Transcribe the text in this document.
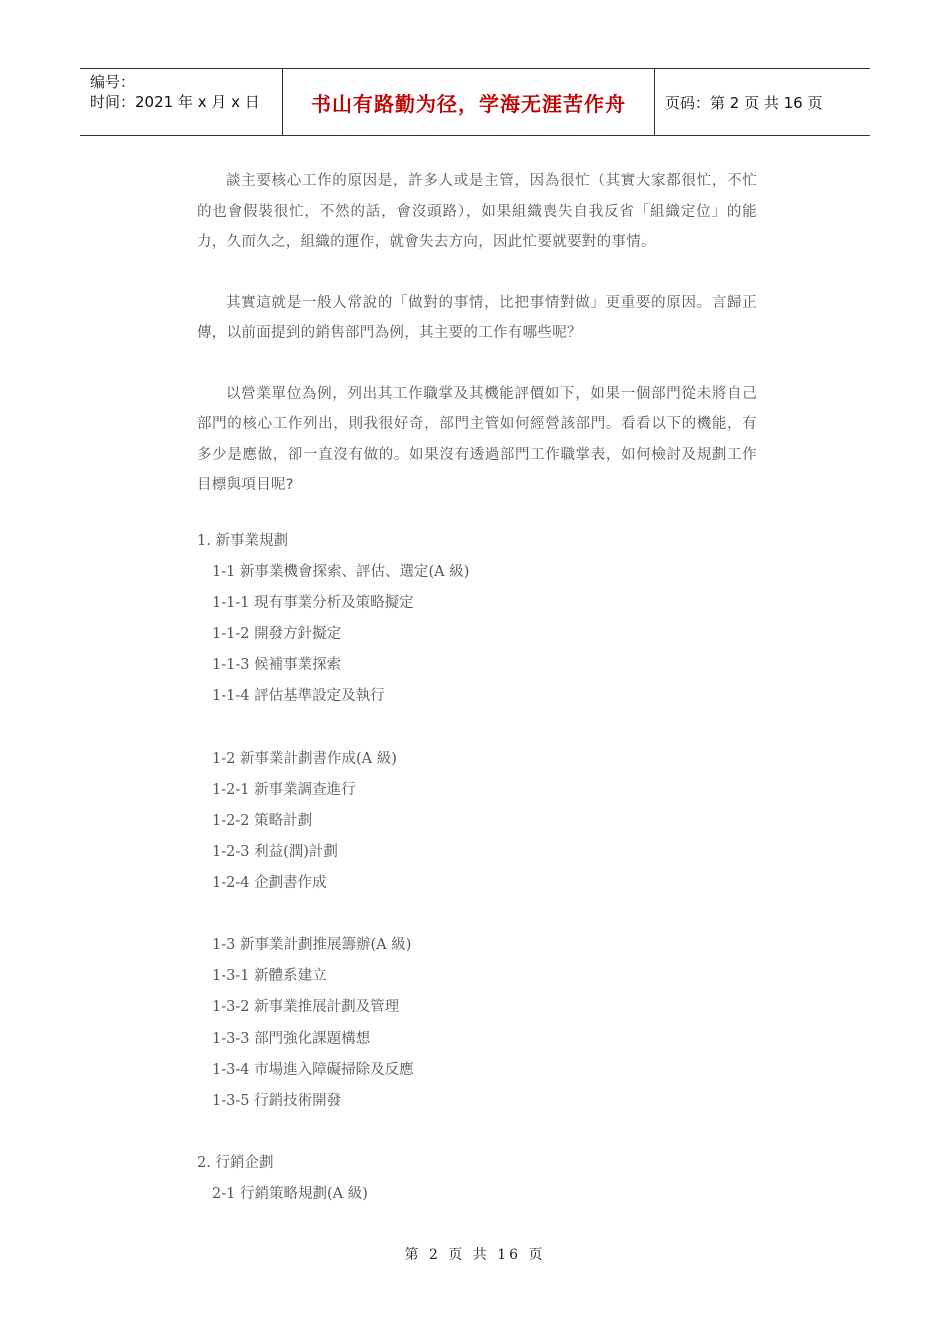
编号：
时间：2021 年 x 月 x 日	书山有路勤为径，学海无涯苦作舟	页码：第 2 页 共 16 页

談主要核心工作的原因是，許多人或是主管，因為很忙（其實大家都很忙，不忙的也會假裝很忙，不然的話，會沒頭路），如果組織喪失自我反省「組織定位」的能力，久而久之，組織的運作，就會失去方向，因此忙要就要對的事情。

其實這就是一般人常說的「做對的事情，比把事情對做」更重要的原因。言歸正傳，以前面提到的銷售部門為例，其主要的工作有哪些呢？

以營業單位為例，列出其工作職掌及其機能評價如下，如果一個部門從未將自己部門的核心工作列出，則我很好奇，部門主管如何經營該部門。看看以下的機能，有多少是應做，卻一直沒有做的。如果沒有透過部門工作職掌表，如何檢討及規劃工作目標與項目呢?

1. 新事業規劃
1-1 新事業機會探索、評估、選定(A 級)
1-1-1 現有事業分析及策略擬定
1-1-2 開發方針擬定
1-1-3 候補事業探索
1-1-4 評估基準設定及執行
1-2 新事業計劃書作成(A 級)
1-2-1 新事業調查進行
1-2-2 策略計劃
1-2-3 利益(潤)計劃
1-2-4 企劃書作成
1-3 新事業計劃推展籌辦(A 級)
1-3-1 新體系建立
1-3-2 新事業推展計劃及管理
1-3-3 部門強化課題構想
1-3-4 市場進入障礙掃除及反應
1-3-5 行銷技術開發
2. 行銷企劃
2-1 行銷策略規劃(A 級)
第 2 页 共 16 页
